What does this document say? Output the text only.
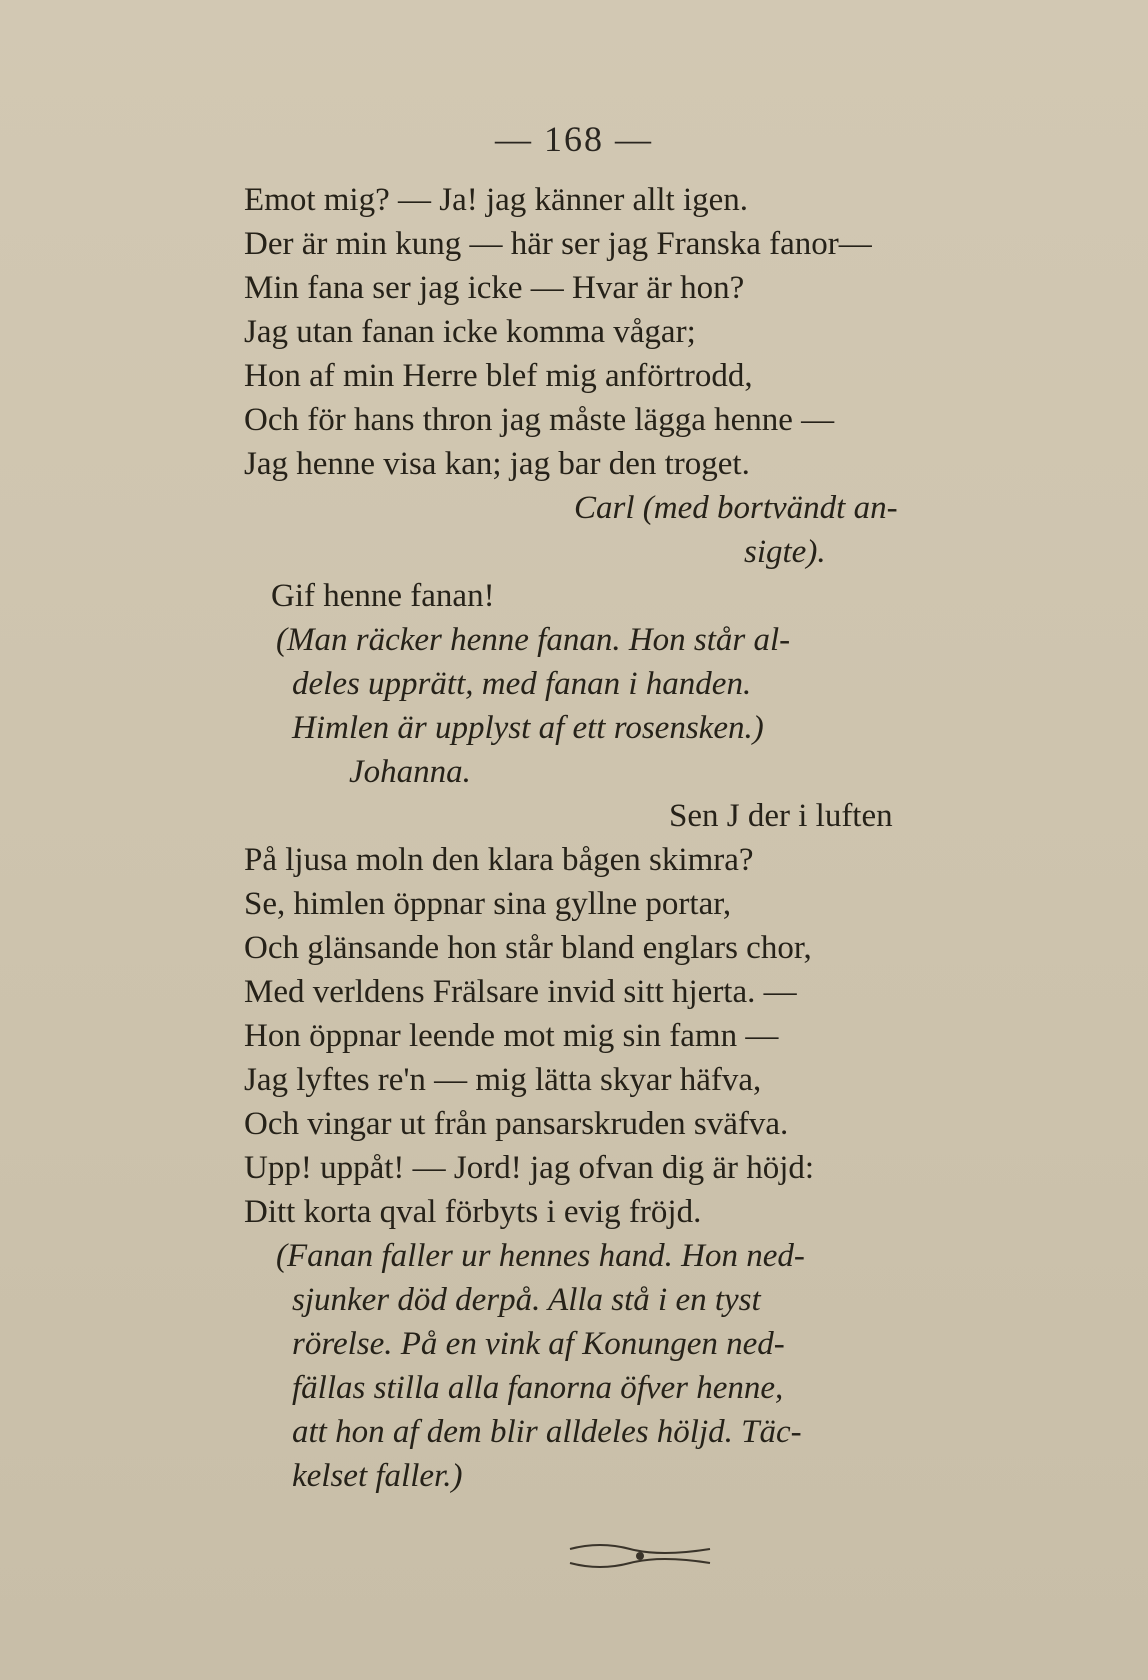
— 168 —
Emot mig? — Ja! jag känner allt igen.
Der är min kung — här ser jag Franska fanor—
Min fana ser jag icke — Hvar är hon?
Jag utan fanan icke komma vågar;
Hon af min Herre blef mig anförtrodd,
Och för hans thron jag måste lägga henne —
Jag henne visa kan; jag bar den troget.
Carl (med bortvändt an-
sigte).
Gif henne fanan!
(Man räcker henne fanan. Hon står al-
deles upprätt, med fanan i handen.
Himlen är upplyst af ett rosensken.)
Johanna.
Sen J der i luften
På ljusa moln den klara bågen skimra?
Se, himlen öppnar sina gyllne portar,
Och glänsande hon står bland englars chor,
Med verldens Frälsare invid sitt hjerta. —
Hon öppnar leende mot mig sin famn —
Jag lyftes re'n — mig lätta skyar häfva,
Och vingar ut från pansarskruden sväfva.
Upp! uppåt! — Jord! jag ofvan dig är höjd:
Ditt korta qval förbyts i evig fröjd.
(Fanan faller ur hennes hand. Hon ned-
sjunker död derpå. Alla stå i en tyst
rörelse. På en vink af Konungen ned-
fällas stilla alla fanorna öfver henne,
att hon af dem blir alldeles höljd. Täc-
kelset faller.)
